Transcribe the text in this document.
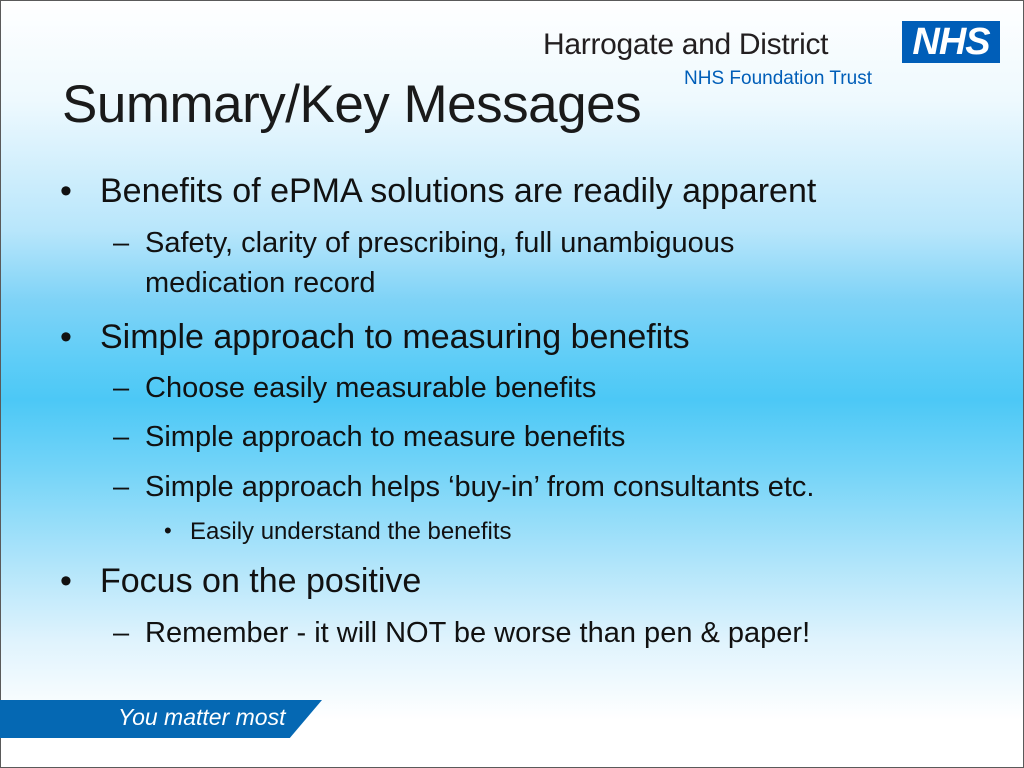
Harrogate and District
NHS Foundation Trust
NHS
Summary/Key Messages
• Benefits of ePMA solutions are readily apparent
– Safety, clarity of prescribing, full unambiguous
medication record
• Simple approach to measuring benefits
– Choose easily measurable benefits
– Simple approach to measure benefits
– Simple approach helps ‘buy-in’ from consultants etc.
• Easily understand the benefits
• Focus on the positive
– Remember - it will NOT be worse than pen & paper!
You matter most
